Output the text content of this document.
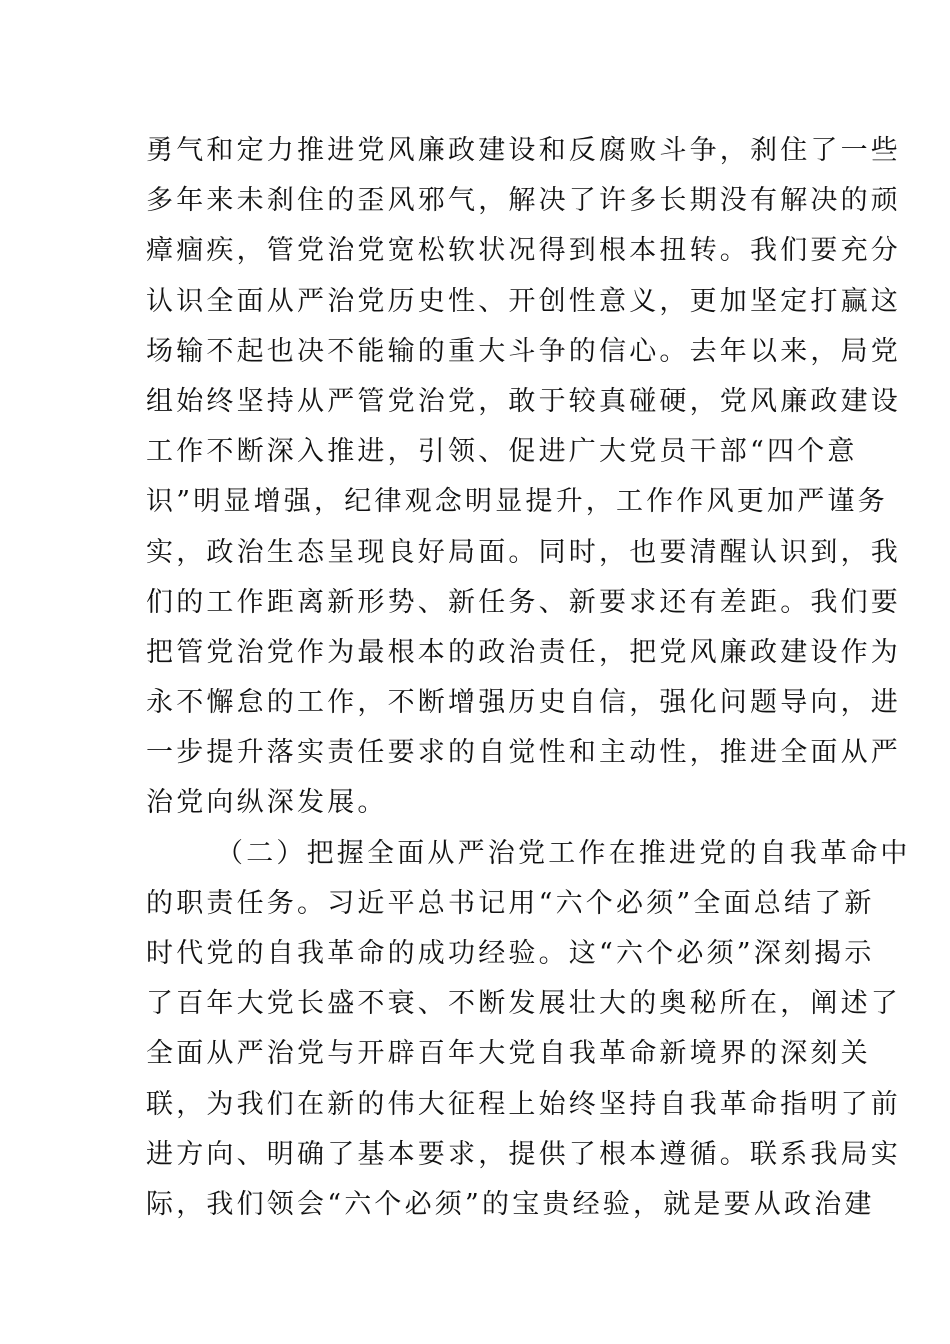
勇气和定力推进党风廉政建设和反腐败斗争，刹住了一些
多年来未刹住的歪风邪气，解决了许多长期没有解决的顽
瘴痼疾，管党治党宽松软状况得到根本扭转。我们要充分
认识全面从严治党历史性、开创性意义，更加坚定打赢这
场输不起也决不能输的重大斗争的信心。去年以来，局党
组始终坚持从严管党治党，敢于较真碰硬，党风廉政建设
工作不断深入推进，引领、促进广大党员干部“四个意
识”明显增强，纪律观念明显提升，工作作风更加严谨务
实，政治生态呈现良好局面。同时，也要清醒认识到，我
们的工作距离新形势、新任务、新要求还有差距。我们要
把管党治党作为最根本的政治责任，把党风廉政建设作为
永不懈怠的工作，不断增强历史自信，强化问题导向，进
一步提升落实责任要求的自觉性和主动性，推进全面从严
治党向纵深发展。
（二）把握全面从严治党工作在推进党的自我革命中
的职责任务。习近平总书记用“六个必须”全面总结了新
时代党的自我革命的成功经验。这“六个必须”深刻揭示
了百年大党长盛不衰、不断发展壮大的奥秘所在，阐述了
全面从严治党与开辟百年大党自我革命新境界的深刻关
联，为我们在新的伟大征程上始终坚持自我革命指明了前
进方向、明确了基本要求，提供了根本遵循。联系我局实
际，我们领会“六个必须”的宝贵经验，就是要从政治建
